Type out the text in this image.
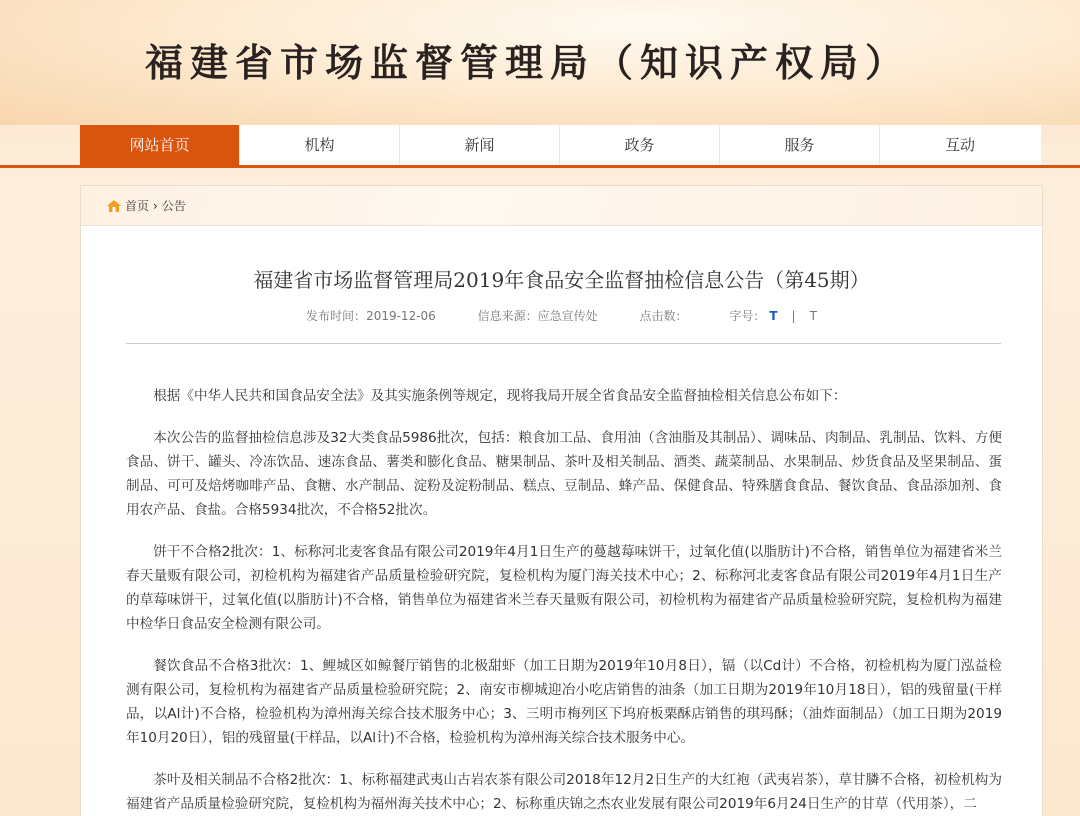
福建省市场监督管理局（知识产权局）
网站首页	机构	新闻	政务	服务	互动
首页 › 公告
福建省市场监督管理局2019年食品安全监督抽检信息公告（第45期）
发布时间：2019-12-06	信息来源：应急宣传处	点击数：	字号： T | T

根据《中华人民共和国食品安全法》及其实施条例等规定，现将我局开展全省食品安全监督抽检相关信息公布如下：

本次公告的监督抽检信息涉及32大类食品5986批次，包括：粮食加工品、食用油（含油脂及其制品）、调味品、肉制品、乳制品、饮料、方便食品、饼干、罐头、冷冻饮品、速冻食品、薯类和膨化食品、糖果制品、茶叶及相关制品、酒类、蔬菜制品、水果制品、炒货食品及坚果制品、蛋制品、可可及焙烤咖啡产品、食糖、水产制品、淀粉及淀粉制品、糕点、豆制品、蜂产品、保健食品、特殊膳食食品、餐饮食品、食品添加剂、食用农产品、食盐。合格5934批次，不合格52批次。

饼干不合格2批次：1、标称河北麦客食品有限公司2019年4月1日生产的蔓越莓味饼干，过氧化值(以脂肪计)不合格，销售单位为福建省米兰春天量贩有限公司，初检机构为福建省产品质量检验研究院，复检机构为厦门海关技术中心；2、标称河北麦客食品有限公司2019年4月1日生产的草莓味饼干，过氧化值(以脂肪计)不合格，销售单位为福建省米兰春天量贩有限公司，初检机构为福建省产品质量检验研究院，复检机构为福建中检华日食品安全检测有限公司。

餐饮食品不合格3批次：1、鲤城区如鲸餐厅销售的北极甜虾（加工日期为2019年10月8日），镉（以Cd计）不合格，初检机构为厦门泓益检测有限公司，复检机构为福建省产品质量检验研究院；2、南安市柳城迎冶小吃店销售的油条（加工日期为2019年10月18日），铝的残留量(干样品，以Al计)不合格，检验机构为漳州海关综合技术服务中心；3、三明市梅列区下坞府板栗酥店销售的琪玛酥；（油炸面制品）（加工日期为2019年10月20日），铝的残留量(干样品，以Al计)不合格，检验机构为漳州海关综合技术服务中心。

茶叶及相关制品不合格2批次：1、标称福建武夷山古岩农茶有限公司2018年12月2日生产的大红袍（武夷岩茶），草甘膦不合格，初检机构为福建省产品质量检验研究院，复检机构为福州海关技术中心；2、标称重庆锦之杰农业发展有限公司2019年6月24日生产的甘草（代用茶），二
